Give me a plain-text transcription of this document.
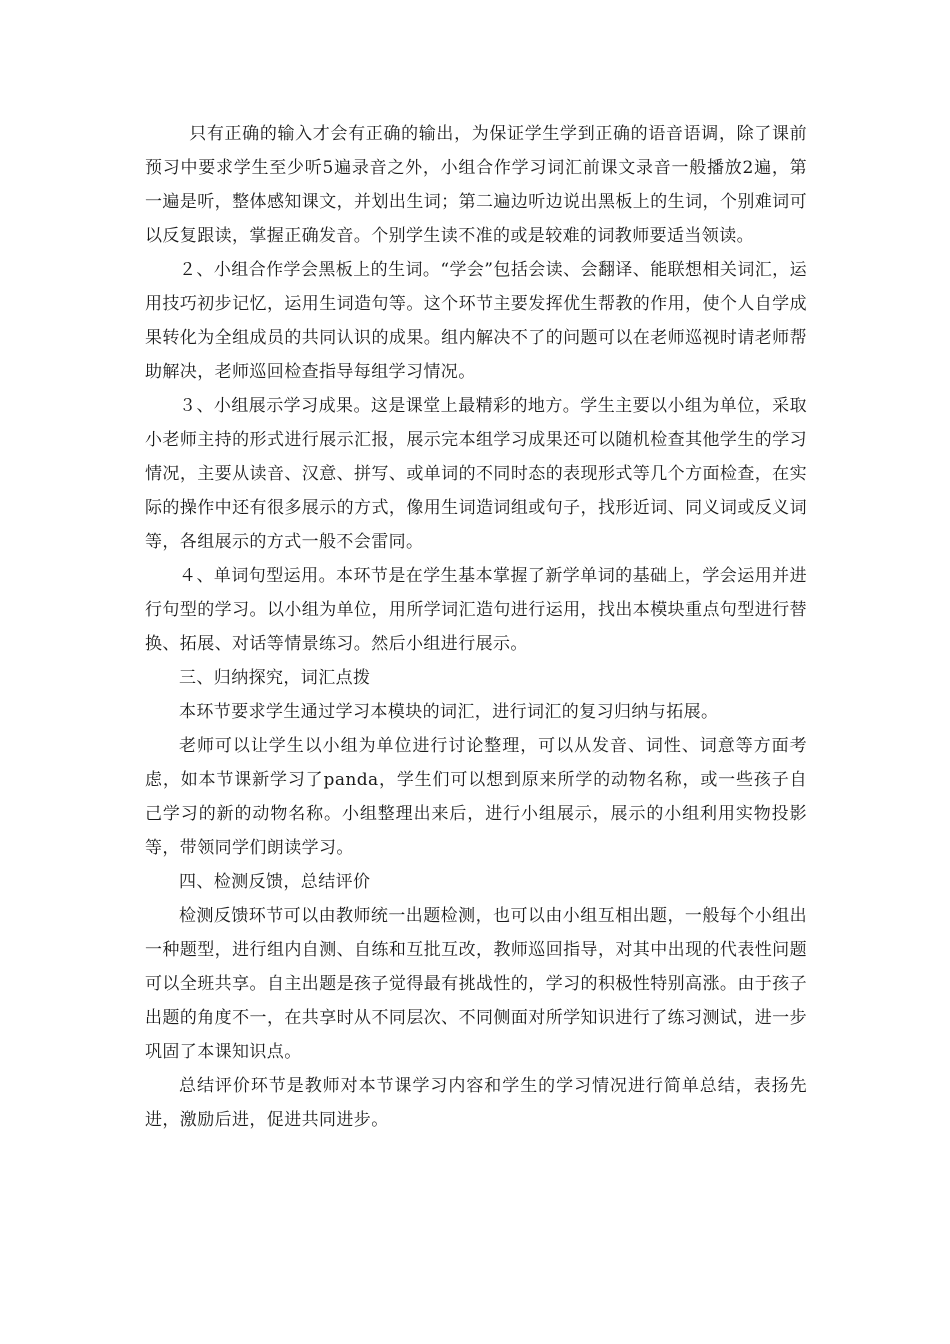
只有正确的输入才会有正确的输出，为保证学生学到正确的语音语调，除了课前预习中要求学生至少听5遍录音之外，小组合作学习词汇前课文录音一般播放2遍，第一遍是听，整体感知课文，并划出生词；第二遍边听边说出黑板上的生词，个别难词可以反复跟读，掌握正确发音。个别学生读不准的或是较难的词教师要适当领读。

２、小组合作学会黑板上的生词。“学会”包括会读、会翻译、能联想相关词汇，运用技巧初步记忆，运用生词造句等。这个环节主要发挥优生帮教的作用，使个人自学成果转化为全组成员的共同认识的成果。组内解决不了的问题可以在老师巡视时请老师帮助解决，老师巡回检查指导每组学习情况。

３、小组展示学习成果。这是课堂上最精彩的地方。学生主要以小组为单位，采取小老师主持的形式进行展示汇报，展示完本组学习成果还可以随机检查其他学生的学习情况，主要从读音、汉意、拼写、或单词的不同时态的表现形式等几个方面检查，在实际的操作中还有很多展示的方式，像用生词造词组或句子，找形近词、同义词或反义词等，各组展示的方式一般不会雷同。

４、单词句型运用。本环节是在学生基本掌握了新学单词的基础上，学会运用并进行句型的学习。以小组为单位，用所学词汇造句进行运用，找出本模块重点句型进行替换、拓展、对话等情景练习。然后小组进行展示。

三、归纳探究，词汇点拨

本环节要求学生通过学习本模块的词汇，进行词汇的复习归纳与拓展。

老师可以让学生以小组为单位进行讨论整理，可以从发音、词性、词意等方面考虑，如本节课新学习了panda，学生们可以想到原来所学的动物名称，或一些孩子自己学习的新的动物名称。小组整理出来后，进行小组展示，展示的小组利用实物投影等，带领同学们朗读学习。

四、检测反馈，总结评价

检测反馈环节可以由教师统一出题检测，也可以由小组互相出题，一般每个小组出一种题型，进行组内自测、自练和互批互改，教师巡回指导，对其中出现的代表性问题可以全班共享。自主出题是孩子觉得最有挑战性的，学习的积极性特别高涨。由于孩子出题的角度不一，在共享时从不同层次、不同侧面对所学知识进行了练习测试，进一步巩固了本课知识点。

总结评价环节是教师对本节课学习内容和学生的学习情况进行简单总结，表扬先进，激励后进，促进共同进步。
